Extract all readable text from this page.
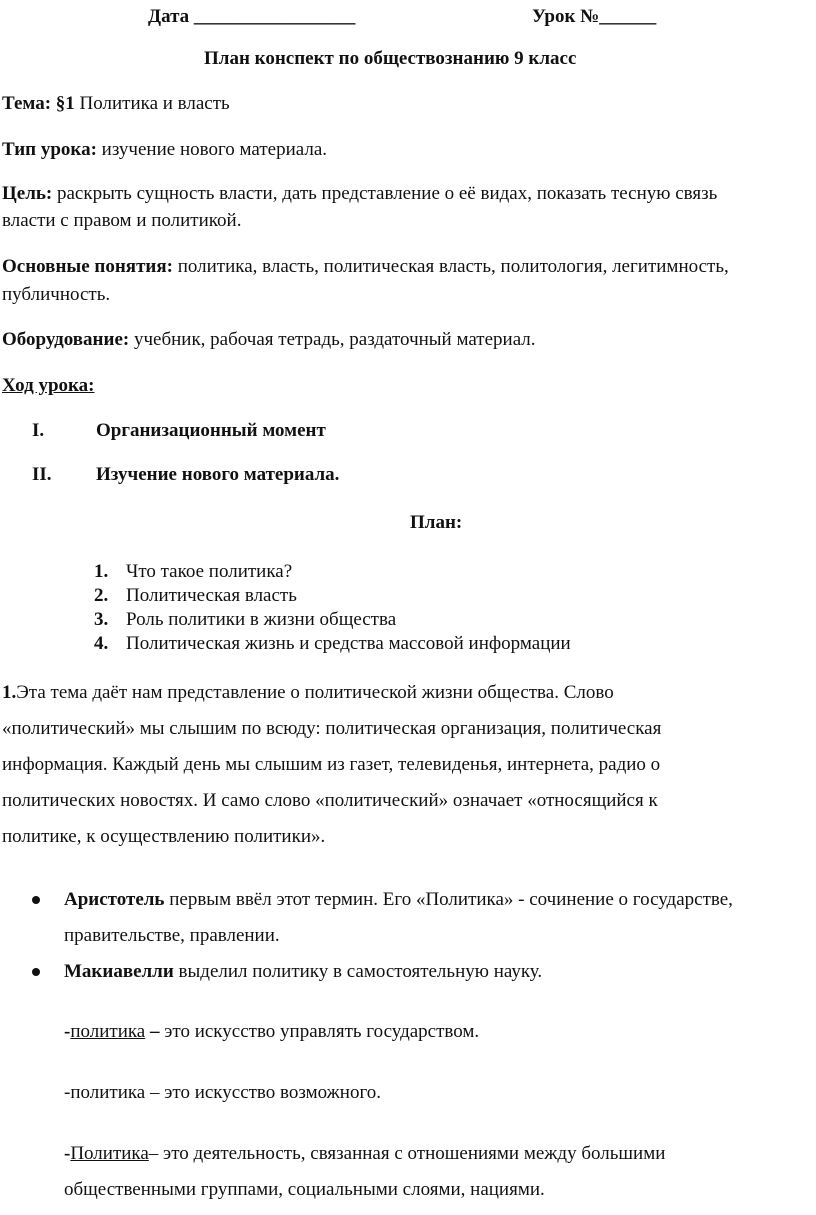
Дата _________________	Урок №______
План конспект по обществознанию 9 класс
Тема: §1 Политика и власть
Тип урока: изучение нового материала.
Цель: раскрыть сущность власти, дать представление о её видах, показать тесную связь
власти с правом и политикой.
Основные понятия: политика, власть, политическая власть, политология, легитимность,
публичность.
Оборудование: учебник, рабочая тетрадь, раздаточный материал.
Ход урока:
I.	Организационный момент
II. Изучение нового материала.
План:
1. Что такое политика?
2. Политическая власть
3. Роль политики в жизни общества
4. Политическая жизнь и средства массовой информации
1.Эта тема даёт нам представление о политической жизни общества. Слово
«политический» мы слышим по всюду: политическая организация, политическая
информация. Каждый день мы слышим из газет, телевиденья, интернета, радио о
политических новостях. И само слово «политический» означает «относящийся к
политике, к осуществлению политики».
Аристотель первым ввёл этот термин. Его «Политика» - сочинение о государстве,
правительстве, правлении.
Макиавелли выделил политику в самостоятельную науку.
-политика – это искусство управлять государством.
-политика – это искусство возможного.
-Политика– это деятельность, связанная с отношениями между большими
общественными группами, социальными слоями, нациями.
